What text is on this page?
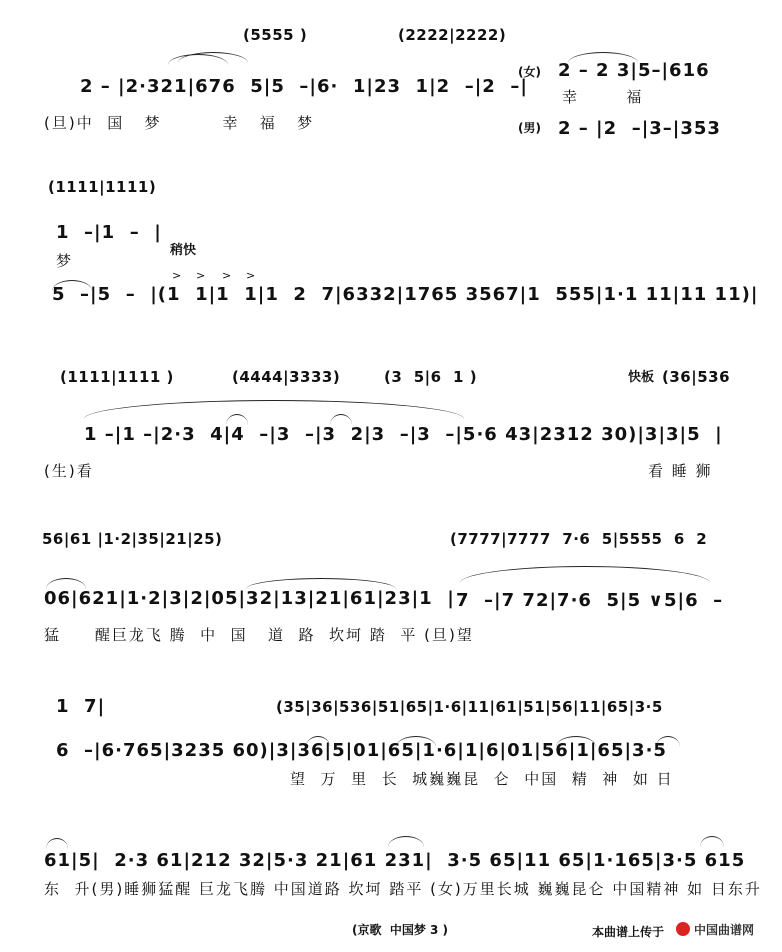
(5555 )	(2222|2222)
2 – |2·321|676  5|5  –|6·  1|23  1|2  –|2  –|
(女) 2 – 2 3|5–|616
幸       福
(旦)中  国   梦         幸   福   梦	(男) 2 – |2  –|3–|353
(1111|1111)
1  –|1  –  |
稍快
梦
> > > >
5  –|5  –  |(1  1|1  1|1  2  7|6332|1765 3567|1  555|1·1 11|11 11)|
(1111|1111 )	(4444|3333)	(3  5|6  1 )	快板 (36|536
1 –|1 –|2·3  4|4  –|3  –|3  2|3  –|3  –|5·6 43|2312 30)|3|3|5  |
(生)看	看 睡 狮
56|61 |1·2|35|21|25)	(7777|7777  7·6  5|5555  6  2
06|621|1·2|3|2|05|32|13|21|61|23|1  | 7  –|7 72|7·6  5|5 ∨5|6  –
猛     醒巨龙飞 腾  中  国   道  路  坎坷 踏  平 (旦)望
1  7|	(35|36|536|51|65|1·6|11|61|51|56|11|65|3·5
6  –|6·765|3235 60)|3|36|5|01|65|1·6|1|6|01|56|1|65|3·5
望  万  里  长  城巍巍昆  仑  中国  精  神  如 日
61|5|  2·3 61|212 32|5·3 21|61 231|  3·5 65|11 65|1·165|3·5 615
东  升(男)睡狮猛醒 巨龙飞腾 中国道路 坎坷 踏平 (女)万里长城 巍巍昆仑 中国精神 如 日东升
(京歌  中国梦 3 )	本曲谱上传于 中国曲谱网
